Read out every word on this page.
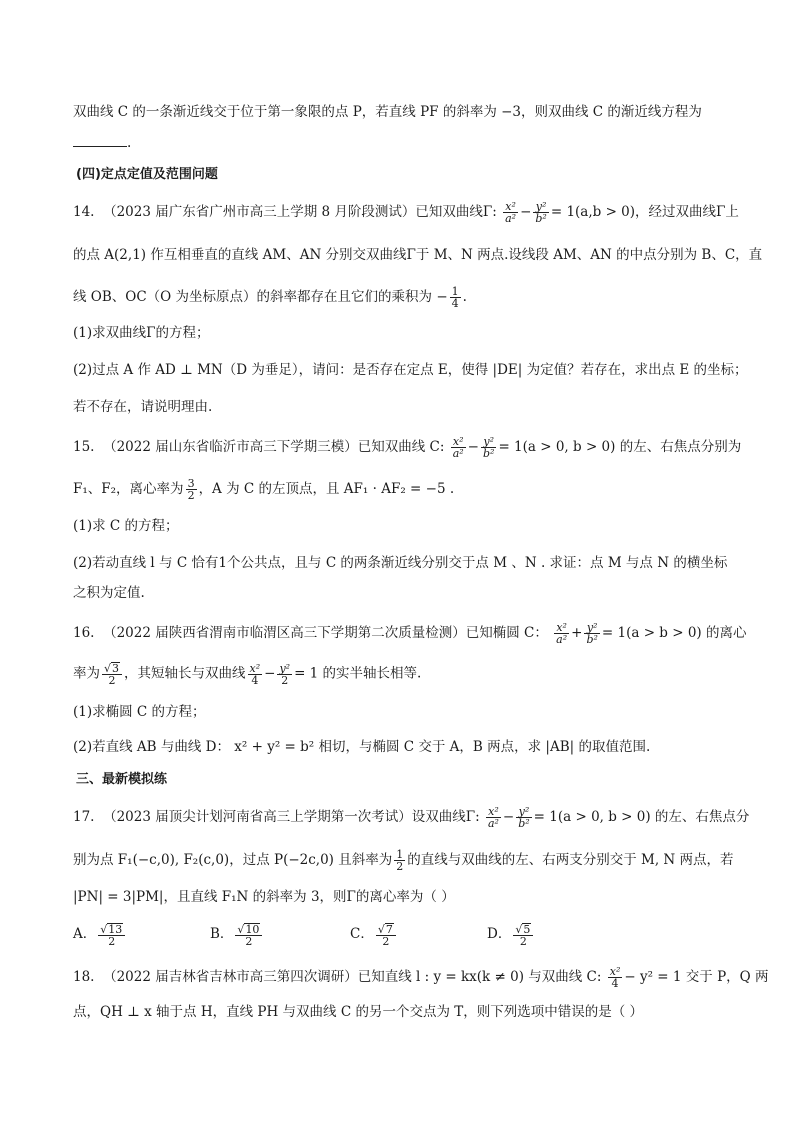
双曲线 C 的一条渐近线交于位于第一象限的点 P，若直线 PF 的斜率为 −3，则双曲线 C 的渐近线方程为
.
(四)定点定值及范围问题
14. （2023 届广东省广州市高三上学期 8 月阶段测试）已知双曲线Γ: $\frac{\text{x²}}{\text{a²}} - \frac{\text{y²}}{\text{b²}} = 1(a,b > 0)$，经过双曲线Γ上
的点 A(2,1) 作互相垂直的直线 AM、AN 分别交双曲线Γ于 M、N 两点.设线段 AM、AN 的中点分别为 B、C，直
线 OB、OC（O 为坐标原点）的斜率都存在且它们的乘积为 − $\frac{1}{4}$ .
(1)求双曲线Γ的方程；
(2)过点 A 作 AD ⊥ MN（D 为垂足），请问：是否存在定点 E，使得 |DE| 为定值？若存在，求出点 E 的坐标；
若不存在，请说明理由.
15. （2022 届山东省临沂市高三下学期三模）已知双曲线 C: $\frac{\text{x²}}{\text{a²}} - \frac{\text{y²}}{\text{b²}} = 1(a > 0$, b > 0) 的左、右焦点分别为
F₁、F₂，离心率为 $\frac{3}{2}$ ，A 为 C 的左顶点，且 AF₁ · AF₂ = −5 .
(1)求 C 的方程；
(2)若动直线 l 与 C 恰有1个公共点，且与 C 的两条渐近线分别交于点 M 、N . 求证：点 M 与点 N 的横坐标
之积为定值.
16. （2022 届陕西省渭南市临渭区高三下学期第二次质量检测）已知椭圆 C： $\frac{\text{x²}}{\text{a²}} + \frac{\text{y²}}{\text{b²}} = 1(a > b > 0)$ 的离心
率为 $\frac{√3}{2}$ ，其短轴长与双曲线 $\frac{\text{x²}}{4} - \frac{\text{y²}}{2} = 1$ 的实半轴长相等.
(1)求椭圆 C 的方程；
(2)若直线 AB 与曲线 D： x² + y² = b² 相切，与椭圆 C 交于 A，B 两点，求 |AB| 的取值范围.
三、最新模拟练
17. （2023 届顶尖计划河南省高三上学期第一次考试）设双曲线Γ: $\frac{\text{x²}}{\text{a²}} - \frac{\text{y²}}{\text{b²}} = 1(a > 0$, b > 0) 的左、右焦点分
别为点 F₁(−c,0), F₂(c,0)，过点 P(−2c,0) 且斜率为 $\frac{1}{2}$ 的直线与双曲线的左、右两支分别交于 M, N 两点，若
|PN| = 3|PM|，且直线 F₁N 的斜率为 3，则Γ的离心率为（ ）
A． $\frac{√13}{2}$	B． $\frac{√10}{2}$	C． $\frac{√7}{2}$	D． $\frac{√5}{2}$
18. （2022 届吉林省吉林市高三第四次调研）已知直线 l : y = kx(k ≠ 0) 与双曲线 C: $\frac{\text{x²}}{4} - y^2 = 1$ 交于 P，Q 两
点，QH ⊥ x 轴于点 H，直线 PH 与双曲线 C 的另一个交点为 T，则下列选项中错误的是（ ）
